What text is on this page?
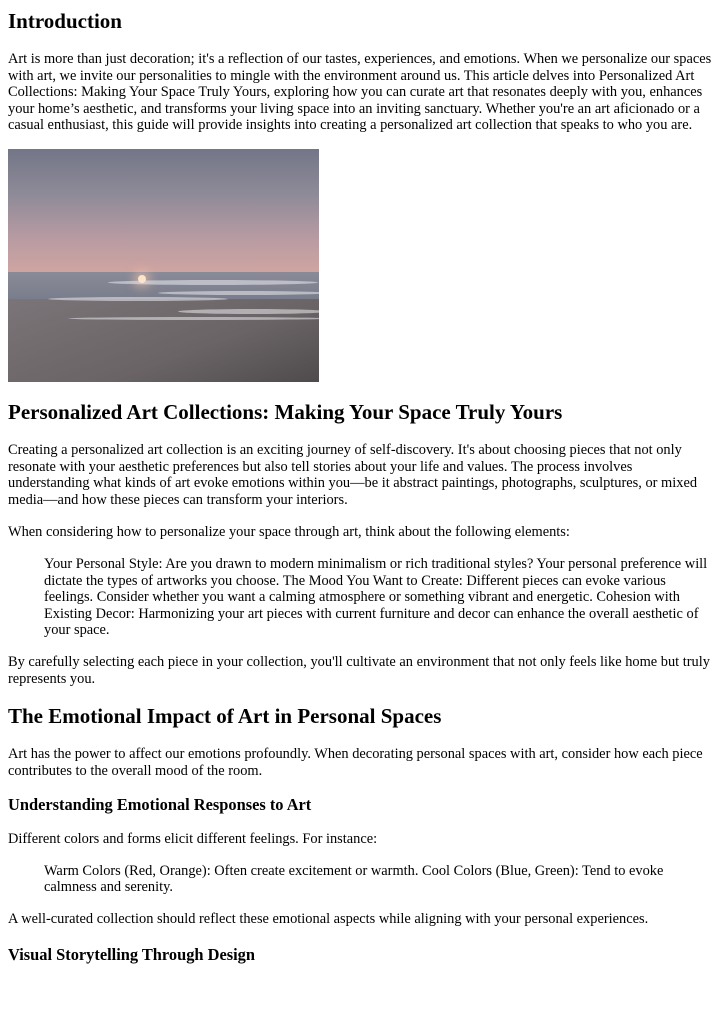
Introduction

Art is more than just decoration; it's a reflection of our tastes, experiences, and emotions. When we personalize our spaces with art, we invite our personalities to mingle with the environment around us. This article delves into Personalized Art Collections: Making Your Space Truly Yours, exploring how you can curate art that resonates deeply with you, enhances your home’s aesthetic, and transforms your living space into an inviting sanctuary. Whether you're an art aficionado or a casual enthusiast, this guide will provide insights into creating a personalized art collection that speaks to who you are.

Personalized Art Collections: Making Your Space Truly Yours

Creating a personalized art collection is an exciting journey of self-discovery. It's about choosing pieces that not only resonate with your aesthetic preferences but also tell stories about your life and values. The process involves understanding what kinds of art evoke emotions within you—be it abstract paintings, photographs, sculptures, or mixed media—and how these pieces can transform your interiors.

When considering how to personalize your space through art, think about the following elements:

Your Personal Style: Are you drawn to modern minimalism or rich traditional styles? Your personal preference will dictate the types of artworks you choose. The Mood You Want to Create: Different pieces can evoke various feelings. Consider whether you want a calming atmosphere or something vibrant and energetic. Cohesion with Existing Decor: Harmonizing your art pieces with current furniture and decor can enhance the overall aesthetic of your space.

By carefully selecting each piece in your collection, you'll cultivate an environment that not only feels like home but truly represents you.

The Emotional Impact of Art in Personal Spaces

Art has the power to affect our emotions profoundly. When decorating personal spaces with art, consider how each piece contributes to the overall mood of the room.

Understanding Emotional Responses to Art

Different colors and forms elicit different feelings. For instance:

Warm Colors (Red, Orange): Often create excitement or warmth. Cool Colors (Blue, Green): Tend to evoke calmness and serenity.

A well-curated collection should reflect these emotional aspects while aligning with your personal experiences.

Visual Storytelling Through Design
